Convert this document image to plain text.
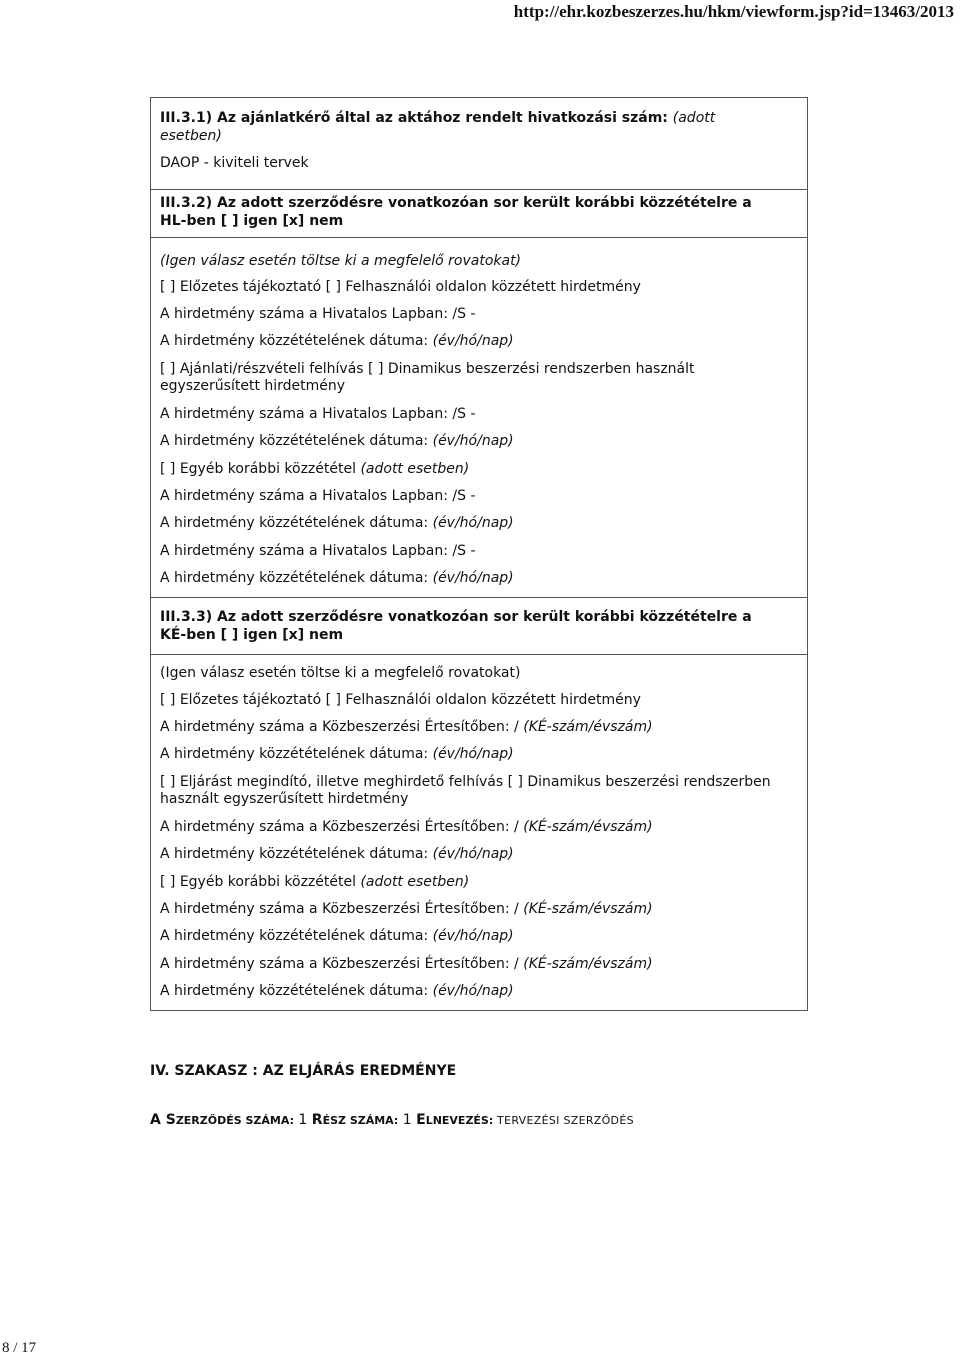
http://ehr.kozbeszerzes.hu/hkm/viewform.jsp?id=13463/2013
III.3.1) Az ajánlatkérő által az aktához rendelt hivatkozási szám: (adott
esetben)
DAOP - kiviteli tervek
III.3.2) Az adott szerződésre vonatkozóan sor került korábbi közzétételre a
HL-ben [ ] igen [x] nem
(Igen válasz esetén töltse ki a megfelelő rovatokat)
[ ] Előzetes tájékoztató [ ] Felhasználói oldalon közzétett hirdetmény
A hirdetmény száma a Hivatalos Lapban: /S -
A hirdetmény közzétételének dátuma: (év/hó/nap)
[ ] Ajánlati/részvételi felhívás [ ] Dinamikus beszerzési rendszerben használt
egyszerűsített hirdetmény
A hirdetmény száma a Hivatalos Lapban: /S -
A hirdetmény közzétételének dátuma: (év/hó/nap)
[ ] Egyéb korábbi közzététel (adott esetben)
A hirdetmény száma a Hivatalos Lapban: /S -
A hirdetmény közzétételének dátuma: (év/hó/nap)
A hirdetmény száma a Hivatalos Lapban: /S -
A hirdetmény közzétételének dátuma: (év/hó/nap)
III.3.3) Az adott szerződésre vonatkozóan sor került korábbi közzétételre a
KÉ-ben [ ] igen [x] nem
(Igen válasz esetén töltse ki a megfelelő rovatokat)
[ ] Előzetes tájékoztató [ ] Felhasználói oldalon közzétett hirdetmény
A hirdetmény száma a Közbeszerzési Értesítőben: / (KÉ-szám/évszám)
A hirdetmény közzétételének dátuma: (év/hó/nap)
[ ] Eljárást megindító, illetve meghirdető felhívás [ ] Dinamikus beszerzési rendszerben
használt egyszerűsített hirdetmény
A hirdetmény száma a Közbeszerzési Értesítőben: / (KÉ-szám/évszám)
A hirdetmény közzétételének dátuma: (év/hó/nap)
[ ] Egyéb korábbi közzététel (adott esetben)
A hirdetmény száma a Közbeszerzési Értesítőben: / (KÉ-szám/évszám)
A hirdetmény közzétételének dátuma: (év/hó/nap)
A hirdetmény száma a Közbeszerzési Értesítőben: / (KÉ-szám/évszám)
A hirdetmény közzétételének dátuma: (év/hó/nap)
IV. SZAKASZ : AZ ELJÁRÁS EREDMÉNYE
A SZERZŐDÉS SZÁMA: 1 RÉSZ SZÁMA: 1 ELNEVEZÉS: TERVEZÉSI SZERZŐDÉS
8 / 17
